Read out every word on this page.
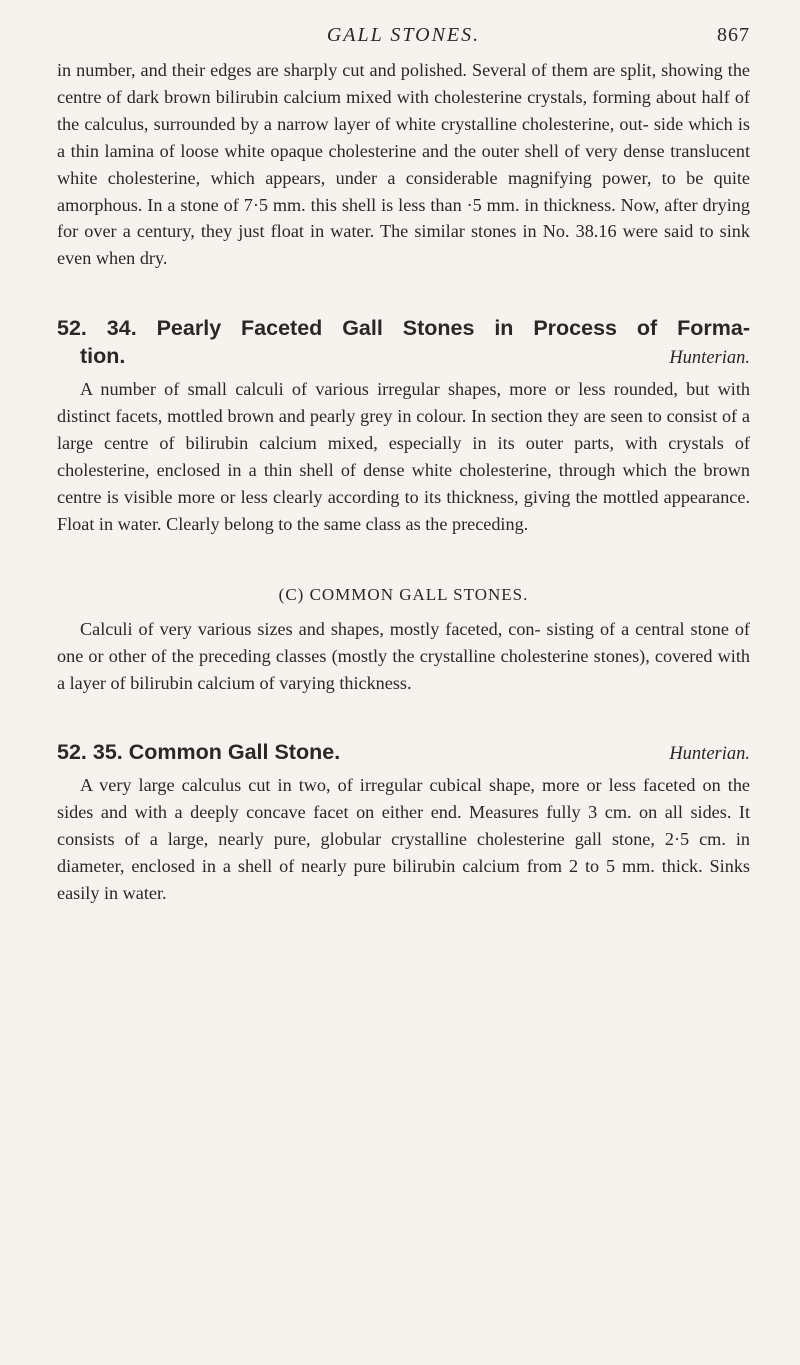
GALL STONES.	867

in number, and their edges are sharply cut and polished. Several of them are split, showing the centre of dark brown bilirubin calcium mixed with cholesterine crystals, forming about half of the calculus, surrounded by a narrow layer of white crystalline cholesterine, out- side which is a thin lamina of loose white opaque cholesterine and the outer shell of very dense translucent white cholesterine, which appears, under a considerable magnifying power, to be quite amorphous. In a stone of 7·5 mm. this shell is less than ·5 mm. in thickness. Now, after drying for over a century, they just float in water. The similar stones in No. 38.16 were said to sink even when dry.

52. 34. Pearly Faceted Gall Stones in Process of Forma-
tion.	Hunterian.

A number of small calculi of various irregular shapes, more or less rounded, but with distinct facets, mottled brown and pearly grey in colour. In section they are seen to consist of a large centre of bilirubin calcium mixed, especially in its outer parts, with crystals of cholesterine, enclosed in a thin shell of dense white cholesterine, through which the brown centre is visible more or less clearly according to its thickness, giving the mottled appearance. Float in water. Clearly belong to the same class as the preceding.

(C) COMMON GALL STONES.

Calculi of very various sizes and shapes, mostly faceted, con- sisting of a central stone of one or other of the preceding classes (mostly the crystalline cholesterine stones), covered with a layer of bilirubin calcium of varying thickness.

52. 35. Common Gall Stone.	Hunterian.

A very large calculus cut in two, of irregular cubical shape, more or less faceted on the sides and with a deeply concave facet on either end. Measures fully 3 cm. on all sides. It consists of a large, nearly pure, globular crystalline cholesterine gall stone, 2·5 cm. in diameter, enclosed in a shell of nearly pure bilirubin calcium from 2 to 5 mm. thick. Sinks easily in water.
